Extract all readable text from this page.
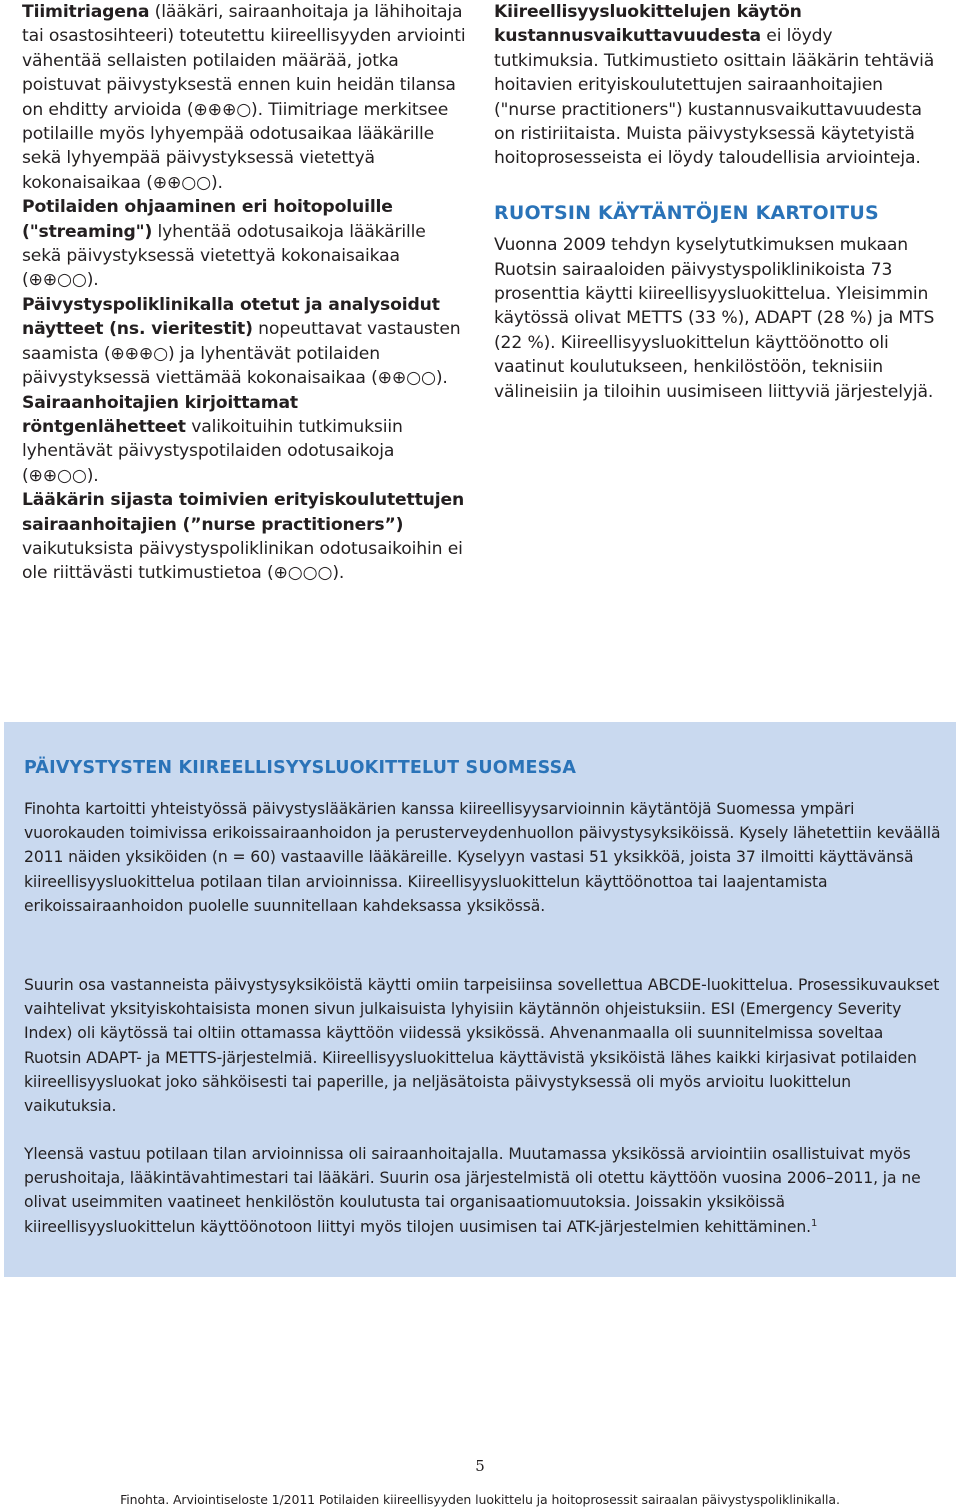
Tiimitriagena (lääkäri, sairaanhoitaja ja lähihoitaja tai osastosihteeri) toteutettu kiireellisyyden arviointi vähentää sellaisten potilaiden määrää, jotka poistuvat päivystyksestä ennen kuin heidän tilansa on ehditty arvioida (⊕⊕⊕○). Tiimitriage merkitsee potilaille myös lyhyempää odotusaikaa lääkärille sekä lyhyempää päivystyksessä vietettyä kokonaisaikaa (⊕⊕○○).

Potilaiden ohjaaminen eri hoitopoluille ("streaming") lyhentää odotusaikoja lääkärille sekä päivystyksessä vietettyä kokonaisaikaa (⊕⊕○○).

Päivystyspoliklinikalla otetut ja analysoidut näytteet (ns. vieritestit) nopeuttavat vastausten saamista (⊕⊕⊕○) ja lyhentävät potilaiden päivystyksessä viettämää kokonaisaikaa (⊕⊕○○).

Sairaanhoitajien kirjoittamat röntgenlähetteet valikoituihin tutkimuksiin lyhentävät päivystyspotilaiden odotusaikoja (⊕⊕○○).

Lääkärin sijasta toimivien erityiskoulutettujen sairaanhoitajien (”nurse practitioners”) vaikutuksista päivystyspoliklinikan odotusaikoihin ei ole riittävästi tutkimustietoa (⊕○○○).

Kiireellisyysluokittelujen käytön kustannusvaikuttavuudesta ei löydy tutkimuksia. Tutkimustieto osittain lääkärin tehtäviä hoitavien erityiskoulutettujen sairaanhoitajien ("nurse practitioners") kustannusvaikuttavuudesta on ristiriitaista. Muista päivystyksessä käytetyistä hoitoprosesseista ei löydy taloudellisia arviointeja.

RUOTSIN KÄYTÄNTÖJEN KARTOITUS

Vuonna 2009 tehdyn kyselytutkimuksen mukaan Ruotsin sairaaloiden päivystyspoliklinikoista 73 prosenttia käytti kiireellisyysluokittelua. Yleisimmin käytössä olivat METTS (33 %), ADAPT (28 %) ja MTS (22 %). Kiireellisyysluokittelun käyttöönotto oli vaatinut koulutukseen, henkilöstöön, teknisiin välineisiin ja tiloihin uusimiseen liittyviä järjestelyjä.

PÄIVYSTYSTEN KIIREELLISYYSLUOKITTELUT SUOMESSA

Finohta kartoitti yhteistyössä päivystyslääkärien kanssa kiireellisyysarvioinnin käytäntöjä Suomessa ympäri vuorokauden toimivissa erikoissairaanhoidon ja perusterveydenhuollon päivystysyksiköissä. Kysely lähetettiin keväällä 2011 näiden yksiköiden (n = 60) vastaaville lääkäreille. Kyselyyn vastasi 51 yksikköä, joista 37 ilmoitti käyttävänsä kiireellisyysluokittelua potilaan tilan arvioinnissa. Kiireellisyysluokittelun käyttöönottoa tai laajentamista erikoissairaanhoidon puolelle suunnitellaan kahdeksassa yksikössä.

Suurin osa vastanneista päivystysyksiköistä käytti omiin tarpeisiinsa sovellettua ABCDE-luokittelua. Prosessikuvaukset vaihtelivat yksityiskohtaisista monen sivun julkaisuista lyhyisiin käytännön ohjeistuksiin. ESI (Emergency Severity Index) oli käytössä tai oltiin ottamassa käyttöön viidessä yksikössä. Ahvenanmaalla oli suunnitelmissa soveltaa Ruotsin ADAPT- ja METTS-järjestelmiä. Kiireellisyysluokittelua käyttävistä yksiköistä lähes kaikki kirjasivat potilaiden kiireellisyysluokat joko sähköisesti tai paperille, ja neljäsätoista päivystyksessä oli myös arvioitu luokittelun vaikutuksia.

Yleensä vastuu potilaan tilan arvioinnissa oli sairaanhoitajalla. Muutamassa yksikössä arviointiin osallistuivat myös perushoitaja, lääkintävahtimestari tai lääkäri. Suurin osa järjestelmistä oli otettu käyttöön vuosina 2006–2011, ja ne olivat useimmiten vaatineet henkilöstön koulutusta tai organisaatiomuutoksia. Joissakin yksiköissä kiireellisyysluokittelun käyttöönotoon liittyi myös tilojen uusimisen tai ATK-järjestelmien kehittäminen.$^1$

5
Finohta. Arviointiseloste 1/2011 Potilaiden kiireellisyyden luokittelu ja hoitoprosessit sairaalan päivystyspoliklinikalla.
